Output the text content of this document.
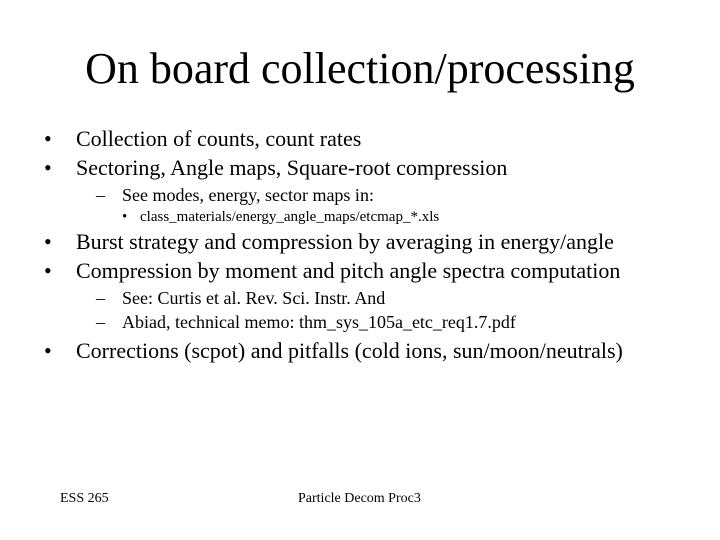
On board collection/processing
• Collection of counts, count rates
• Sectoring, Angle maps, Square-root compression
– See modes, energy, sector maps in:
• class_materials/energy_angle_maps/etcmap_*.xls
• Burst strategy and compression by averaging in energy/angle
• Compression by moment and pitch angle spectra computation
– See: Curtis et al. Rev. Sci. Instr. And
– Abiad, technical memo: thm_sys_105a_etc_req1.7.pdf
• Corrections (scpot) and pitfalls (cold ions, sun/moon/neutrals)
ESS 265	Particle Decom Proc3
